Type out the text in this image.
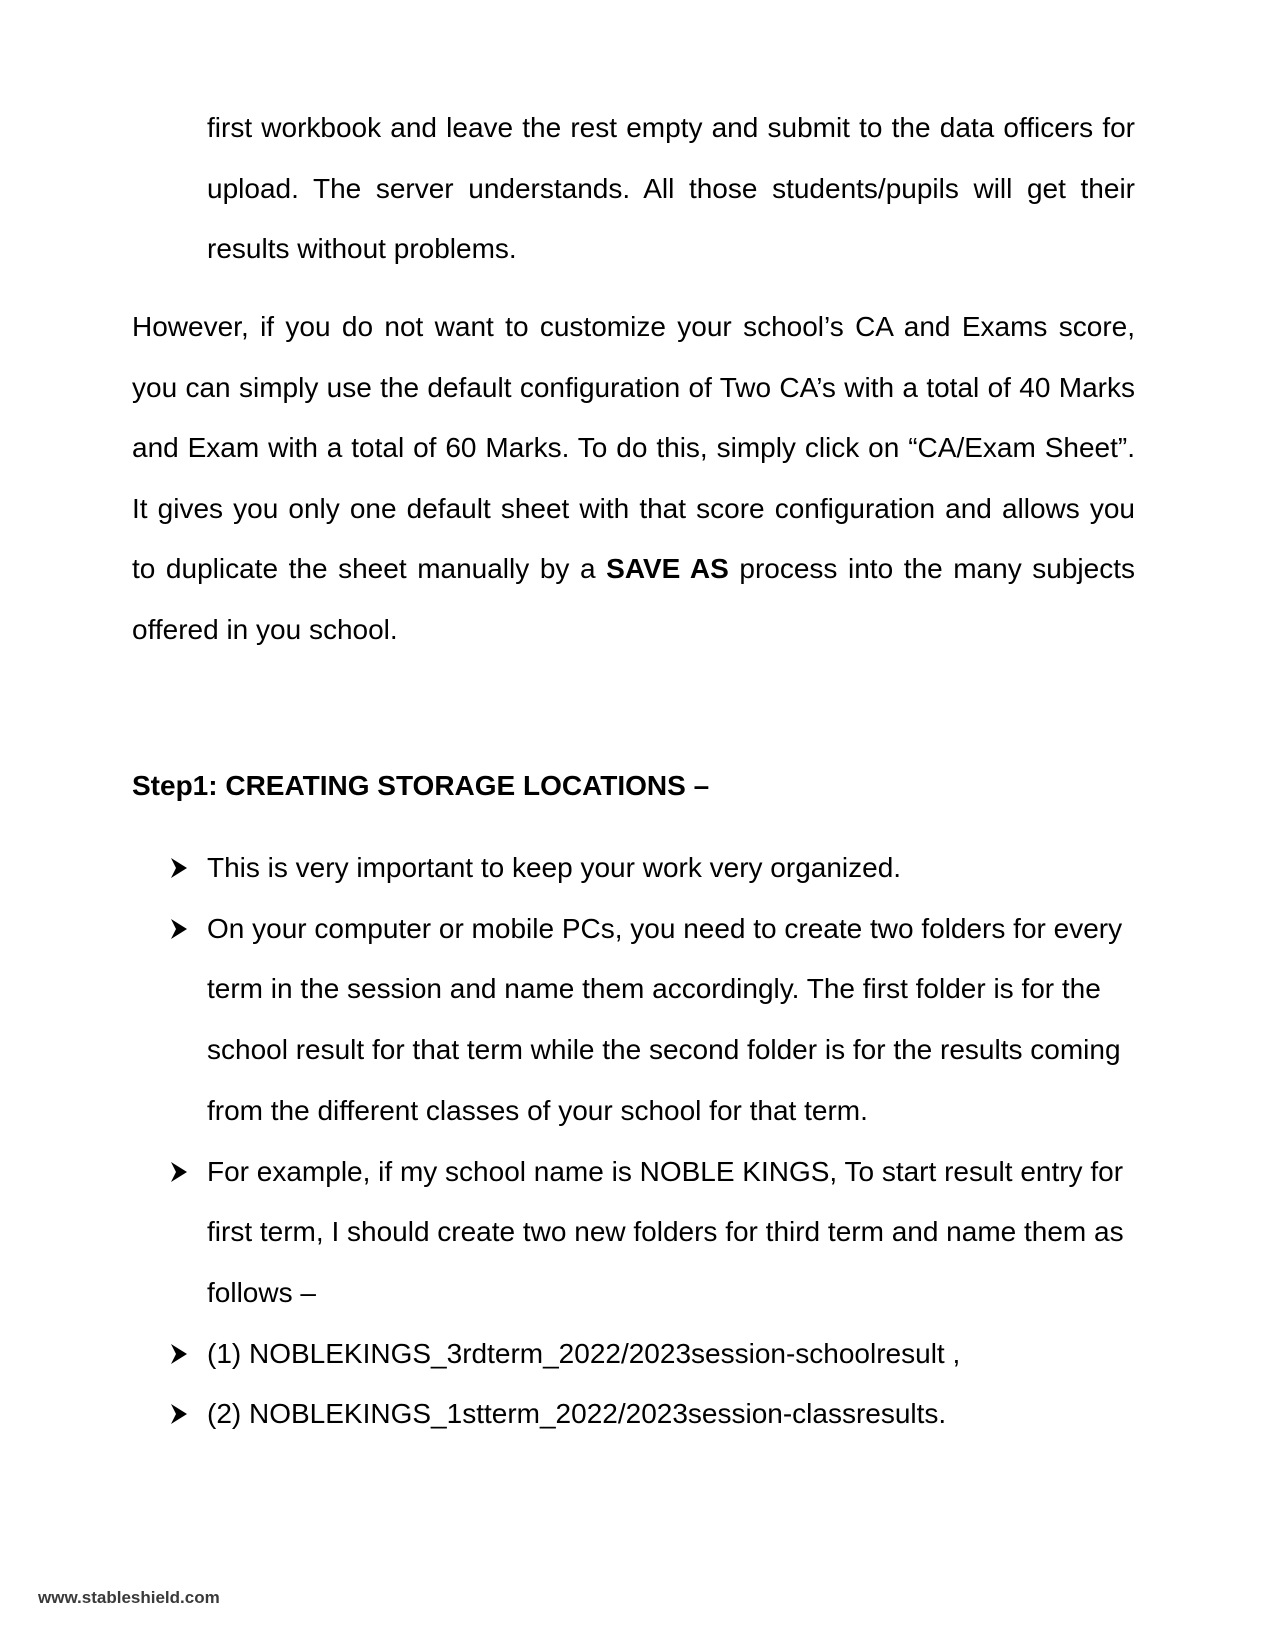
first workbook and leave the rest empty and submit to the data officers for upload. The server understands. All those students/pupils will get their results without problems.

However, if you do not want to customize your school’s CA and Exams score, you can simply use the default configuration of Two CA’s with a total of 40 Marks and Exam with a total of 60 Marks. To do this, simply click on “CA/Exam Sheet”. It gives you only one default sheet with that score configuration and allows you to duplicate the sheet manually by a SAVE AS process into the many subjects offered in you school.

Step1: CREATING STORAGE LOCATIONS –
This is very important to keep your work very organized.
On your computer or mobile PCs, you need to create two folders for every term in the session and name them accordingly. The first folder is for the school result for that term while the second folder is for the results coming from the different classes of your school for that term.
For example, if my school name is NOBLE KINGS, To start result entry for first term, I should create two new folders for third term and name them as follows –
(1) NOBLEKINGS_3rdterm_2022/2023session-schoolresult ,
(2) NOBLEKINGS_1stterm_2022/2023session-classresults.

www.stableshield.com
